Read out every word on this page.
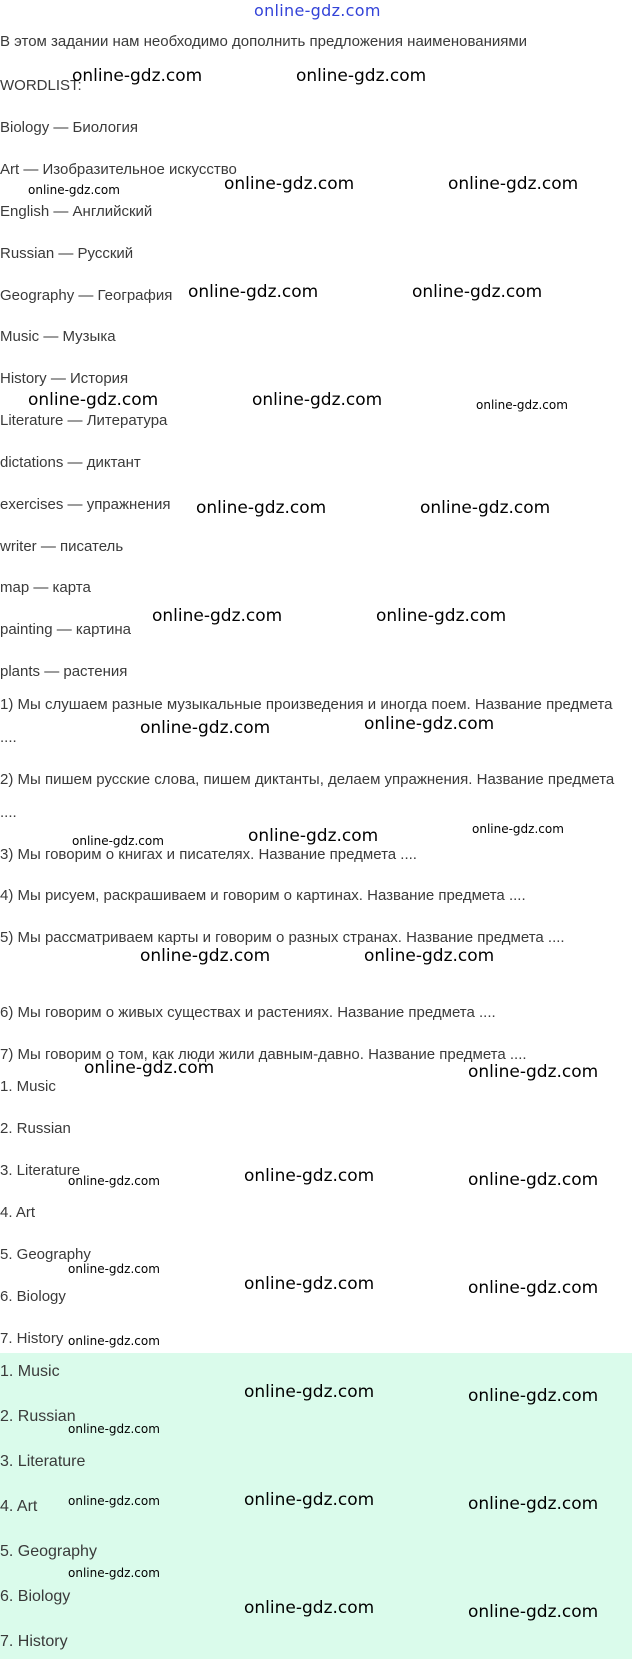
online-gdz.com
В этом задании нам необходимо дополнить предложения наименованиями
WORDLIST:
Biology — Биология
Art — Изобразительное искусство
English — Английский
Russian — Русский
Geography — География
Music — Музыка
History — История
Literature — Литература
dictations — диктант
exercises — упражнения
writer — писатель
map — карта
painting — картина
plants — растения
1) Мы слушаем разные музыкальные произведения и иногда поем. Название предмета ....
2) Мы пишем русские слова, пишем диктанты, делаем упражнения. Название предмета ....
3) Мы говорим о книгах и писателях. Название предмета ....
4) Мы рисуем, раскрашиваем и говорим о картинах. Название предмета ....
5) Мы рассматриваем карты и говорим о разных странах. Название предмета ....
6) Мы говорим о живых существах и растениях. Название предмета ....
7) Мы говорим о том, как люди жили давным-давно. Название предмета ....
1. Music
2. Russian
3. Literature
4. Art
5. Geography
6. Biology
7. History
1. Music
2. Russian
3. Literature
4. Art
5. Geography
6. Biology
7. History
online-gdz.com	online-gdz.com
online-gdz.com	online-gdz.com	online-gdz.com
online-gdz.com	online-gdz.com
online-gdz.com	online-gdz.com	online-gdz.com
online-gdz.com	online-gdz.com
online-gdz.com	online-gdz.com
online-gdz.com	online-gdz.com
online-gdz.com	online-gdz.com	online-gdz.com
online-gdz.com	online-gdz.com
online-gdz.com	online-gdz.com
online-gdz.com	online-gdz.com	online-gdz.com
online-gdz.com
online-gdz.com	online-gdz.com
online-gdz.com
online-gdz.com	online-gdz.com
online-gdz.com
online-gdz.com	online-gdz.com	online-gdz.com
online-gdz.com
online-gdz.com	online-gdz.com
